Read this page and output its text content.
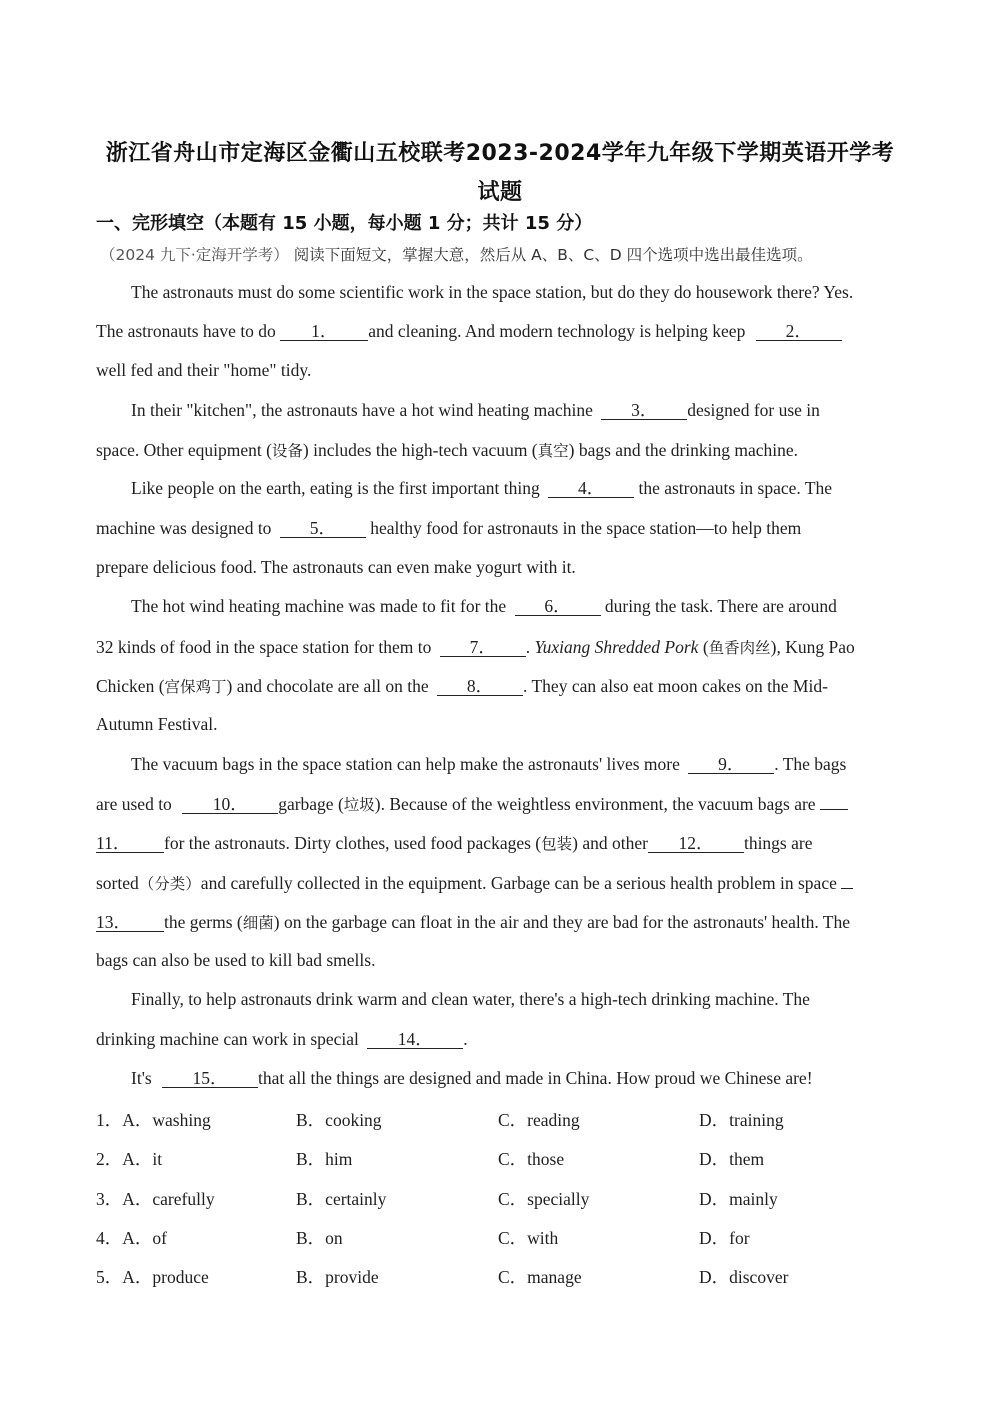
浙江省舟山市定海区金衢山五校联考2023-2024学年九年级下学期英语开学考
试题
一、完形填空（本题有 15 小题，每小题 1 分；共计 15 分）
（2024 九下·定海开学考） 阅读下面短文，掌握大意，然后从 A、B、C、D 四个选项中选出最佳选项。
The astronauts must do some scientific work in the space station, but do they do housework there? Yes.
The astronauts have to do 1． and cleaning. And modern technology is helping keep 2．
well fed and their "home" tidy.
In their "kitchen", the astronauts have a hot wind heating machine 3． designed for use in
space. Other equipment (设备) includes the high-tech vacuum (真空) bags and the drinking machine.
Like people on the earth, eating is the first important thing 4． the astronauts in space. The
machine was designed to 5． healthy food for astronauts in the space station—to help them
prepare delicious food. The astronauts can even make yogurt with it.
The hot wind heating machine was made to fit for the 6． during the task. There are around
32 kinds of food in the space station for them to 7． . Yuxiang Shredded Pork (鱼香肉丝), Kung Pao
Chicken (宫保鸡丁) and chocolate are all on the 8． . They can also eat moon cakes on the Mid-
Autumn Festival.
The vacuum bags in the space station can help make the astronauts' lives more 9． . The bags
are used to 10． garbage (垃圾). Because of the weightless environment, the vacuum bags are
11． for the astronauts. Dirty clothes, used food packages (包装) and other 12． things are
sorted（分类）and carefully collected in the equipment. Garbage can be a serious health problem in space
13． the germs (细菌) on the garbage can float in the air and they are bad for the astronauts' health. The
bags can also be used to kill bad smells.
Finally, to help astronauts drink warm and clean water, there's a high-tech drinking machine. The
drinking machine can work in special 14． .
It's 15． that all the things are designed and made in China. How proud we Chinese are!
1．A．washing	B．cooking	C．reading	D．training
2．A．it	B．him	C．those	D．them
3．A．carefully	B．certainly	C．specially	D．mainly
4．A．of	B．on	C．with	D．for
5．A．produce	B．provide	C．manage	D．discover
